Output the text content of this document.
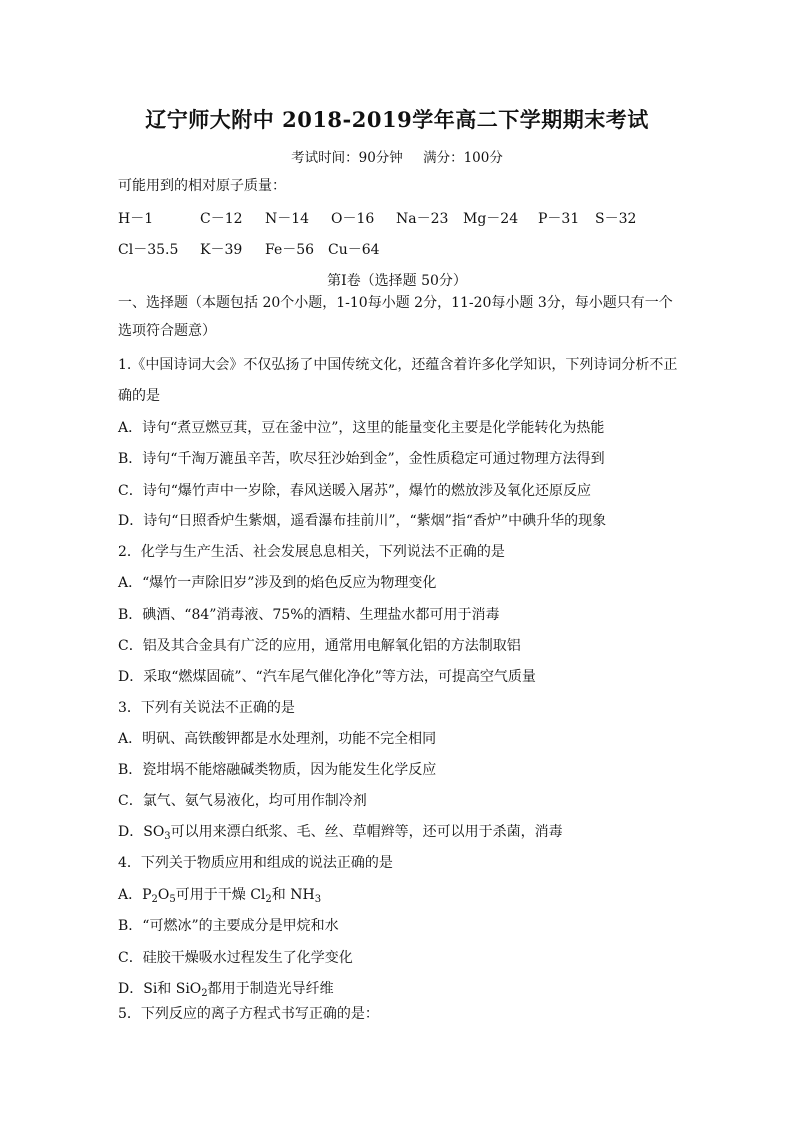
辽宁师大附中 2018-2019学年高二下学期期末考试
考试时间：90分钟 满分：100分
可能用到的相对原子质量：
H－1	C－12 N－14 O－16 Na－23 Mg－24 P－31 S－32
Cl－35.5 K－39 Fe－56 Cu－64
第Ⅰ卷（选择题 50分）
一、选择题（本题包括 20个小题，1-10每小题 2分，11-20每小题 3分，每小题只有一个
选项符合题意）
1.《中国诗词大会》不仅弘扬了中国传统文化，还蕴含着许多化学知识，下列诗词分析不正
确的是
A．诗句“煮豆燃豆萁，豆在釜中泣”，这里的能量变化主要是化学能转化为热能
B．诗句“千淘万漉虽辛苦，吹尽狂沙始到金”，金性质稳定可通过物理方法得到
C．诗句“爆竹声中一岁除，春风送暖入屠苏”，爆竹的燃放涉及氧化还原反应
D．诗句“日照香炉生紫烟，遥看瀑布挂前川”，“紫烟”指“香炉”中碘升华的现象
2．化学与生产生活、社会发展息息相关，下列说法不正确的是
A．“爆竹一声除旧岁”涉及到的焰色反应为物理变化
B．碘酒、“84”消毒液、75%的酒精、生理盐水都可用于消毒
C．铝及其合金具有广泛的应用，通常用电解氧化铝的方法制取铝
D．采取“燃煤固硫”、“汽车尾气催化净化”等方法，可提高空气质量
3．下列有关说法不正确的是
A．明矾、高铁酸钾都是水处理剂，功能不完全相同
B．瓷坩埚不能熔融碱类物质，因为能发生化学反应
C．氯气、氨气易液化，均可用作制冷剂
D．$SO_3$可以用来漂白纸浆、毛、丝、草帽辫等，还可以用于杀菌，消毒
4．下列关于物质应用和组成的说法正确的是
A．$P_2O_5$可用于干燥 $Cl_2$和 $NH_3$
B．“可燃冰”的主要成分是甲烷和水
C．硅胶干燥吸水过程发生了化学变化
D．Si和 SiO$_2$都用于制造光导纤维
5．下列反应的离子方程式书写正确的是：
